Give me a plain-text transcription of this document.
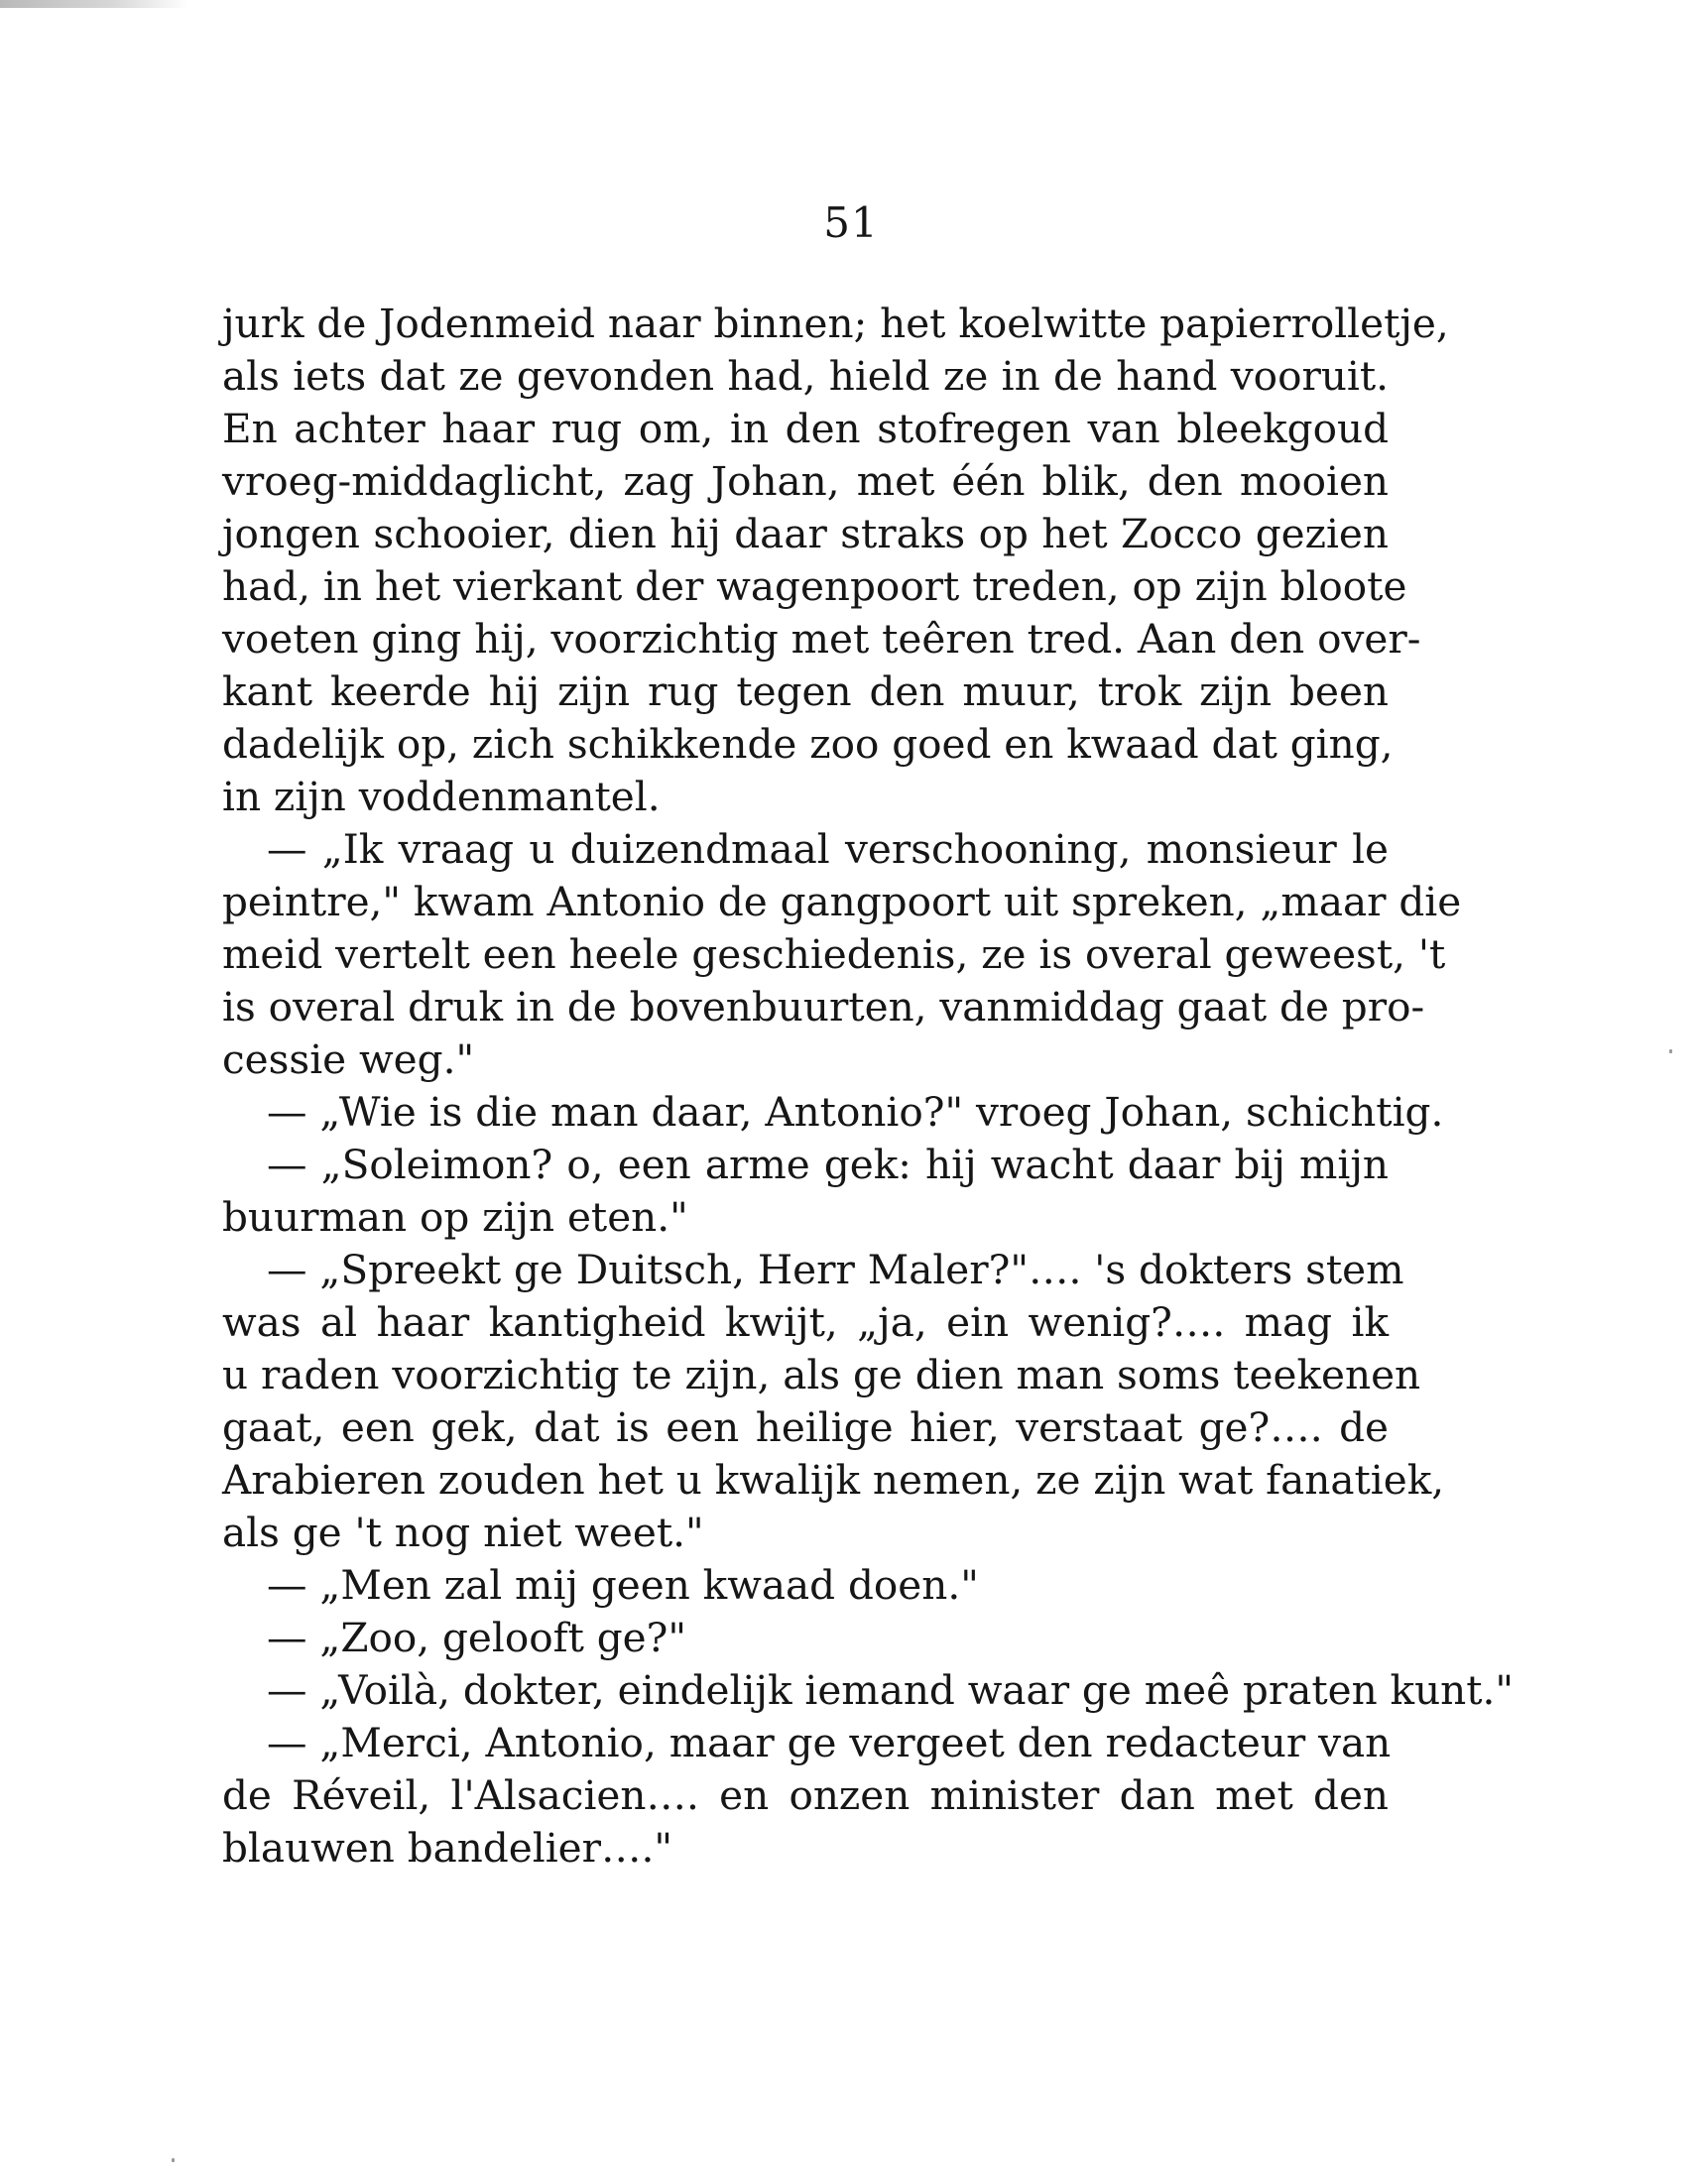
51
jurk de Jodenmeid naar binnen; het koelwitte papierrolletje,
als iets dat ze gevonden had, hield ze in de hand vooruit.
En achter haar rug om, in den stofregen van bleekgoud
vroeg-middaglicht, zag Johan, met één blik, den mooien
jongen schooier, dien hij daar straks op het Zocco gezien
had, in het vierkant der wagenpoort treden, op zijn bloote
voeten ging hij, voorzichtig met teêren tred. Aan den over-
kant keerde hij zijn rug tegen den muur, trok zijn been
dadelijk op, zich schikkende zoo goed en kwaad dat ging,
in zijn voddenmantel.
— „Ik vraag u duizendmaal verschooning, monsieur le
peintre," kwam Antonio de gangpoort uit spreken, „maar die
meid vertelt een heele geschiedenis, ze is overal geweest, 't
is overal druk in de bovenbuurten, vanmiddag gaat de pro-
cessie weg."
— „Wie is die man daar, Antonio?" vroeg Johan, schichtig.
— „Soleimon? o, een arme gek: hij wacht daar bij mijn
buurman op zijn eten."
— „Spreekt ge Duitsch, Herr Maler?"…. 's dokters stem
was al haar kantigheid kwijt, „ja, ein wenig?…. mag ik
u raden voorzichtig te zijn, als ge dien man soms teekenen
gaat, een gek, dat is een heilige hier, verstaat ge?…. de
Arabieren zouden het u kwalijk nemen, ze zijn wat fanatiek,
als ge 't nog niet weet."
— „Men zal mij geen kwaad doen."
— „Zoo, gelooft ge?"
— „Voilà, dokter, eindelijk iemand waar ge meê praten kunt."
— „Merci, Antonio, maar ge vergeet den redacteur van
de Réveil, l'Alsacien…. en onzen minister dan met den
blauwen bandelier…."
